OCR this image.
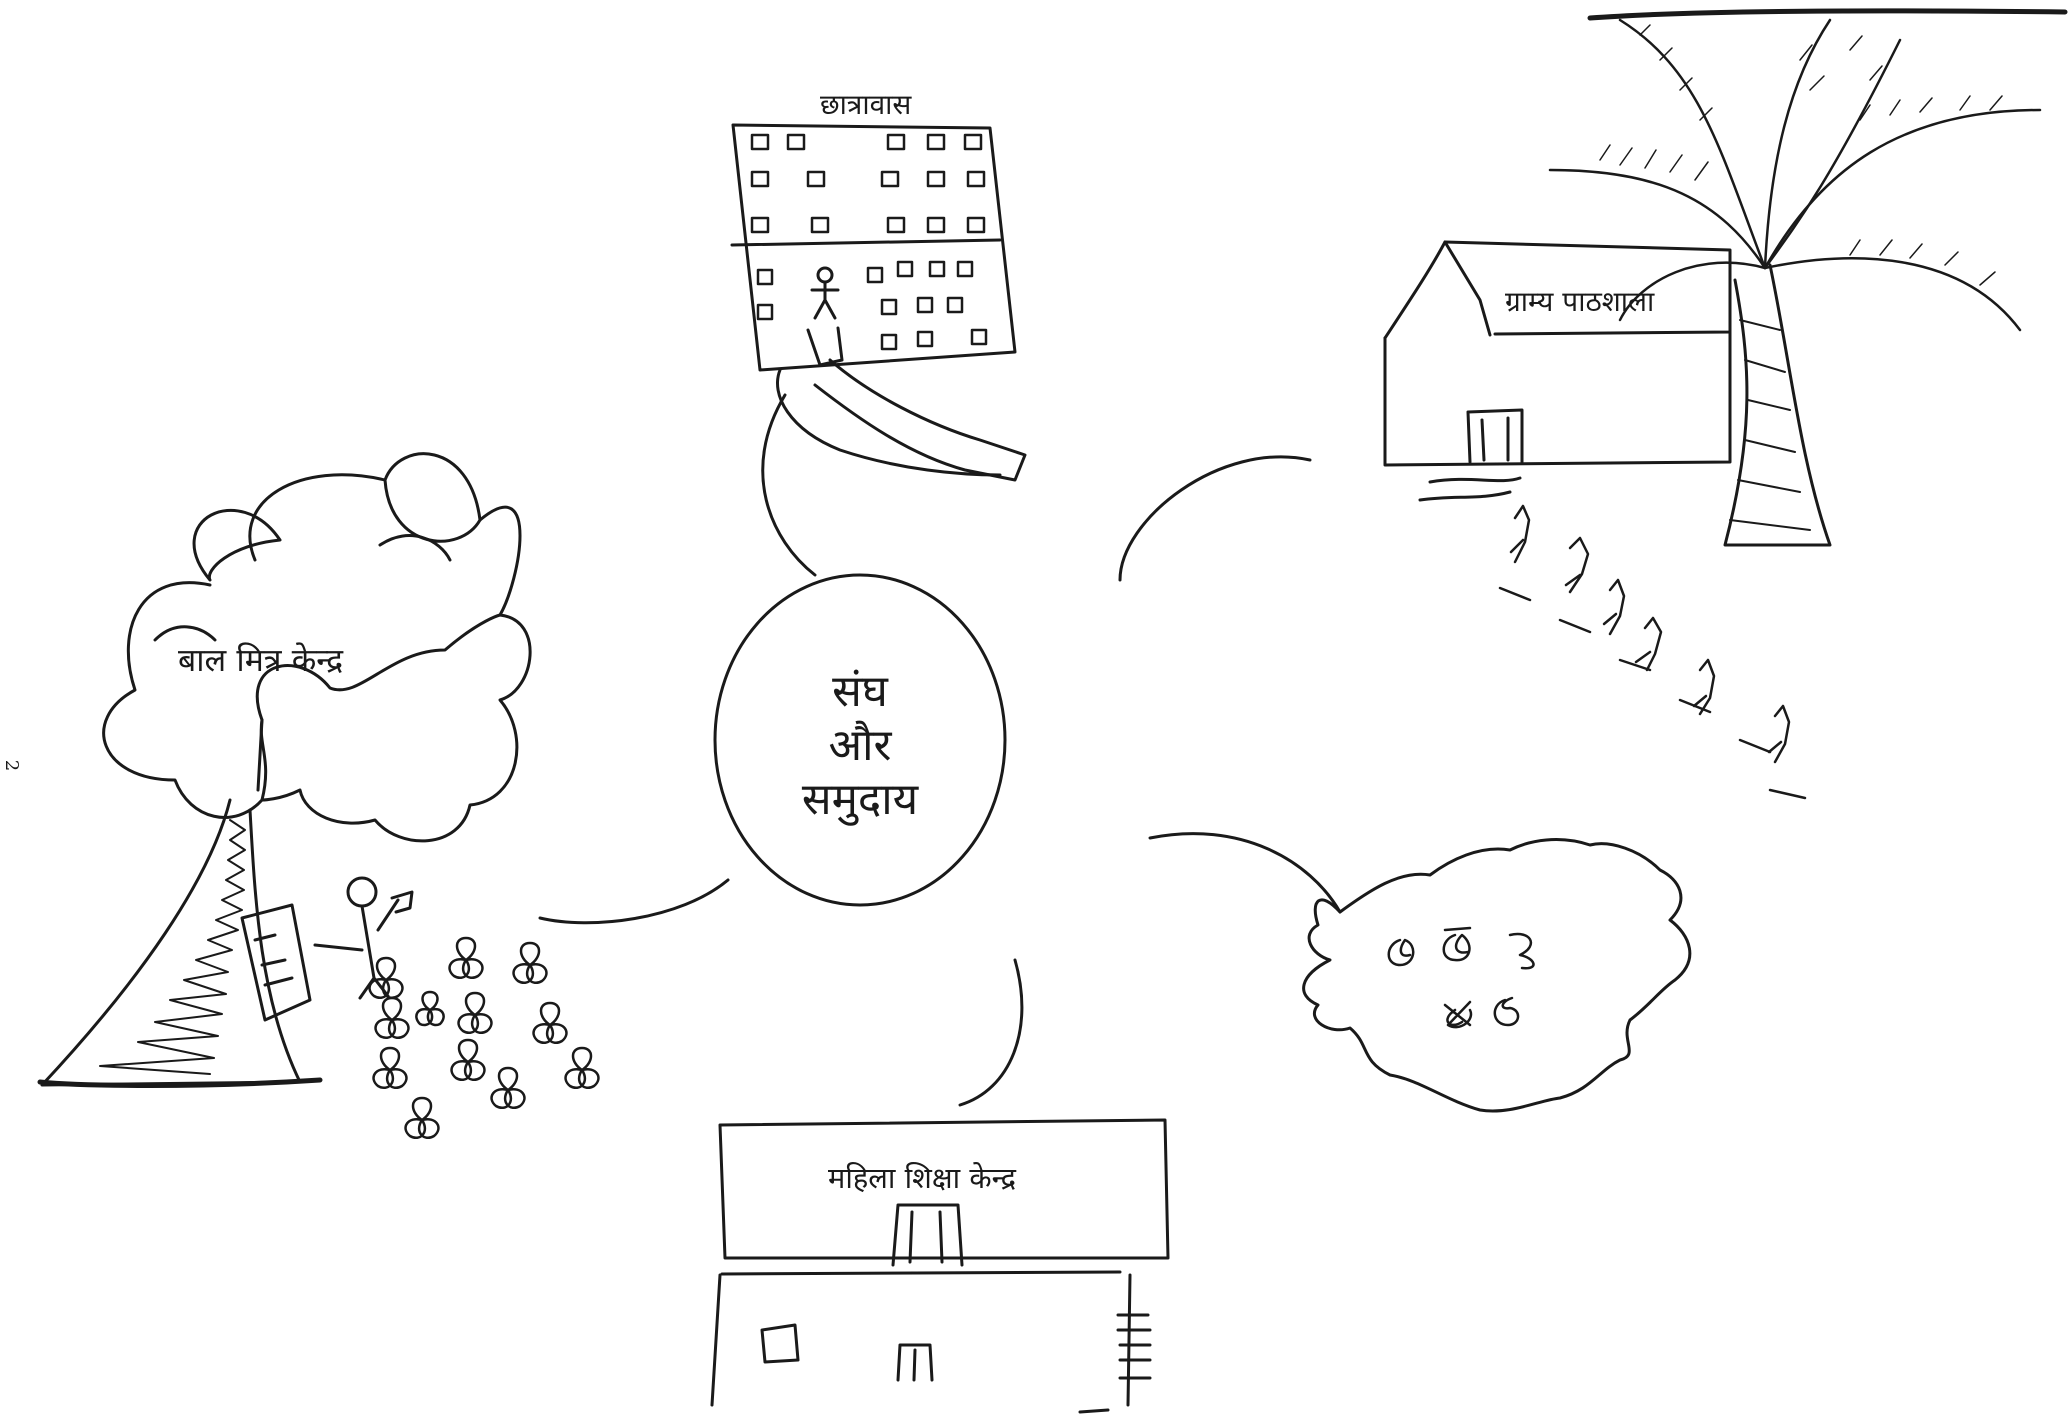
संघ
और
समुदाय
छात्रावास
ग्राम्य पाठशाला
बाल मित्र केन्द्र
महिला शिक्षा केन्द्र
2
